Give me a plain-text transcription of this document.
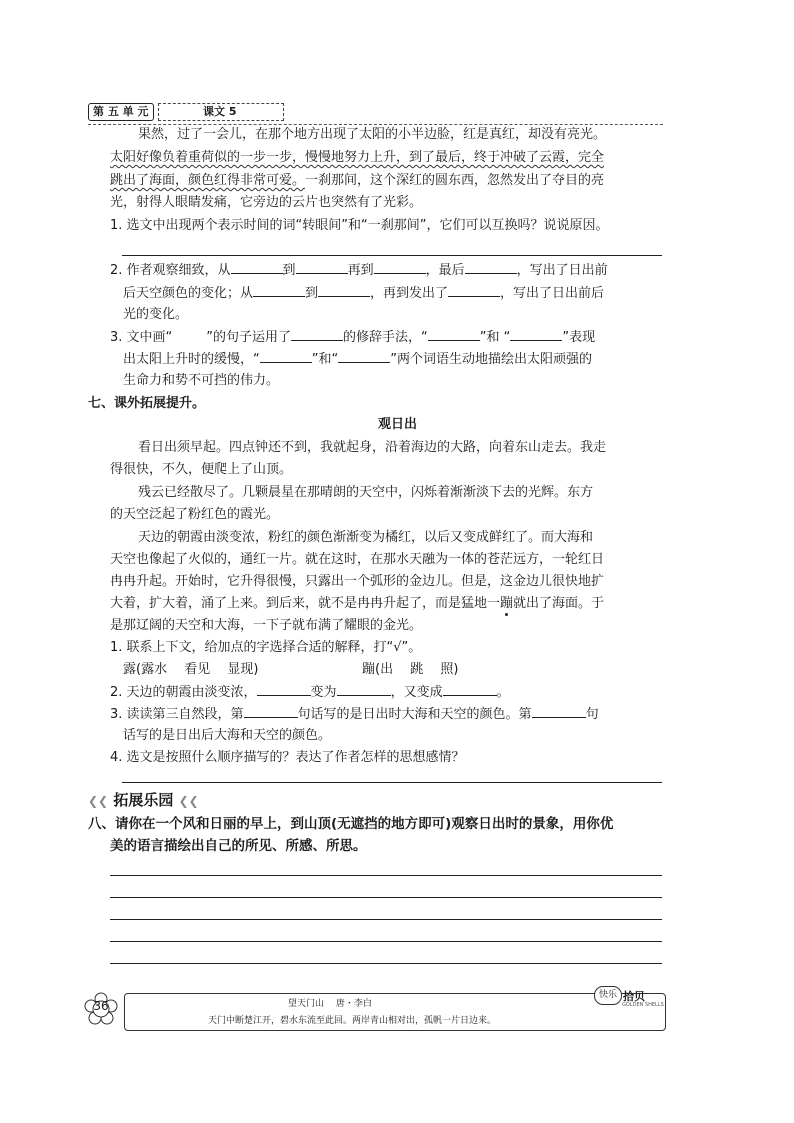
第 五 单 元	课文 5
果然，过了一会儿，在那个地方出现了太阳的小半边脸，红是真红，却没有亮光。
太阳好像负着重荷似的一步一步，慢慢地努力上升，到了最后，终于冲破了云霞，完全
跳出了海面，颜色红得非常可爱。一刹那间，这个深红的圆东西，忽然发出了夺目的亮
光，射得人眼睛发痛，它旁边的云片也突然有了光彩。
1. 选文中出现两个表示时间的词“转眼间”和“一刹那间”，它们可以互换吗？说说原因。
2. 作者观察细致，从	到	再到	，最后	，写出了日出前
后天空颜色的变化；从	到	，再到发出了	，写出了日出前后
光的变化。
3. 文中画“	”的句子运用了	的修辞手法，“	”和 “	”表现
出太阳上升时的缓慢，“	”和“	”两个词语生动地描绘出太阳顽强的
生命力和势不可挡的伟力。
七、课外拓展提升。
观日出
看日出须早起。四点钟还不到，我就起身，沿着海边的大路，向着东山走去。我走
得很快，不久，便爬上了山顶。
残云已经散尽了。几颗晨星在那晴朗的天空中，闪烁着渐渐淡下去的光辉。东方
的天空泛起了粉红色的霞光。
天边的朝霞由淡变浓，粉红的颜色渐渐变为橘红，以后又变成鲜红了。而大海和
天空也像起了火似的，通红一片。就在这时，在那水天融为一体的苍茫远方，一轮红日
冉冉升起。开始时，它升得很慢，只露出一个弧形的金边儿。但是，这金边儿很快地扩
大着，扩大着，涌了上来。到后来，就不是冉冉升起了，而是猛地一蹦就出了海面。于
是那辽阔的天空和大海，一下子就布满了耀眼的金光。
1. 联系上下文，给加点的字选择合适的解释，打“√”。
露(露水　 看见　 显现)	蹦(出　 跳　 照)
2. 天边的朝霞由淡变浓，	变为	，又变成	。
3. 读读第三自然段，第	句话写的是日出时大海和天空的颜色。第	句
话写的是日出后大海和天空的颜色。
4. 选文是按照什么顺序描写的？表达了作者怎样的思想感情？
❮❮ 拓展乐园 ❮❮
八、请你在一个风和日丽的早上，到山顶(无遮挡的地方即可)观察日出时的景象，用你优
美的语言描绘出自己的所见、所感、所思。
36	望天门山　 唐・李白
天门中断楚江开，碧水东流至此回。两岸青山相对出，孤帆一片日边来。
快乐 拾贝
GOLDEN SHELLS
